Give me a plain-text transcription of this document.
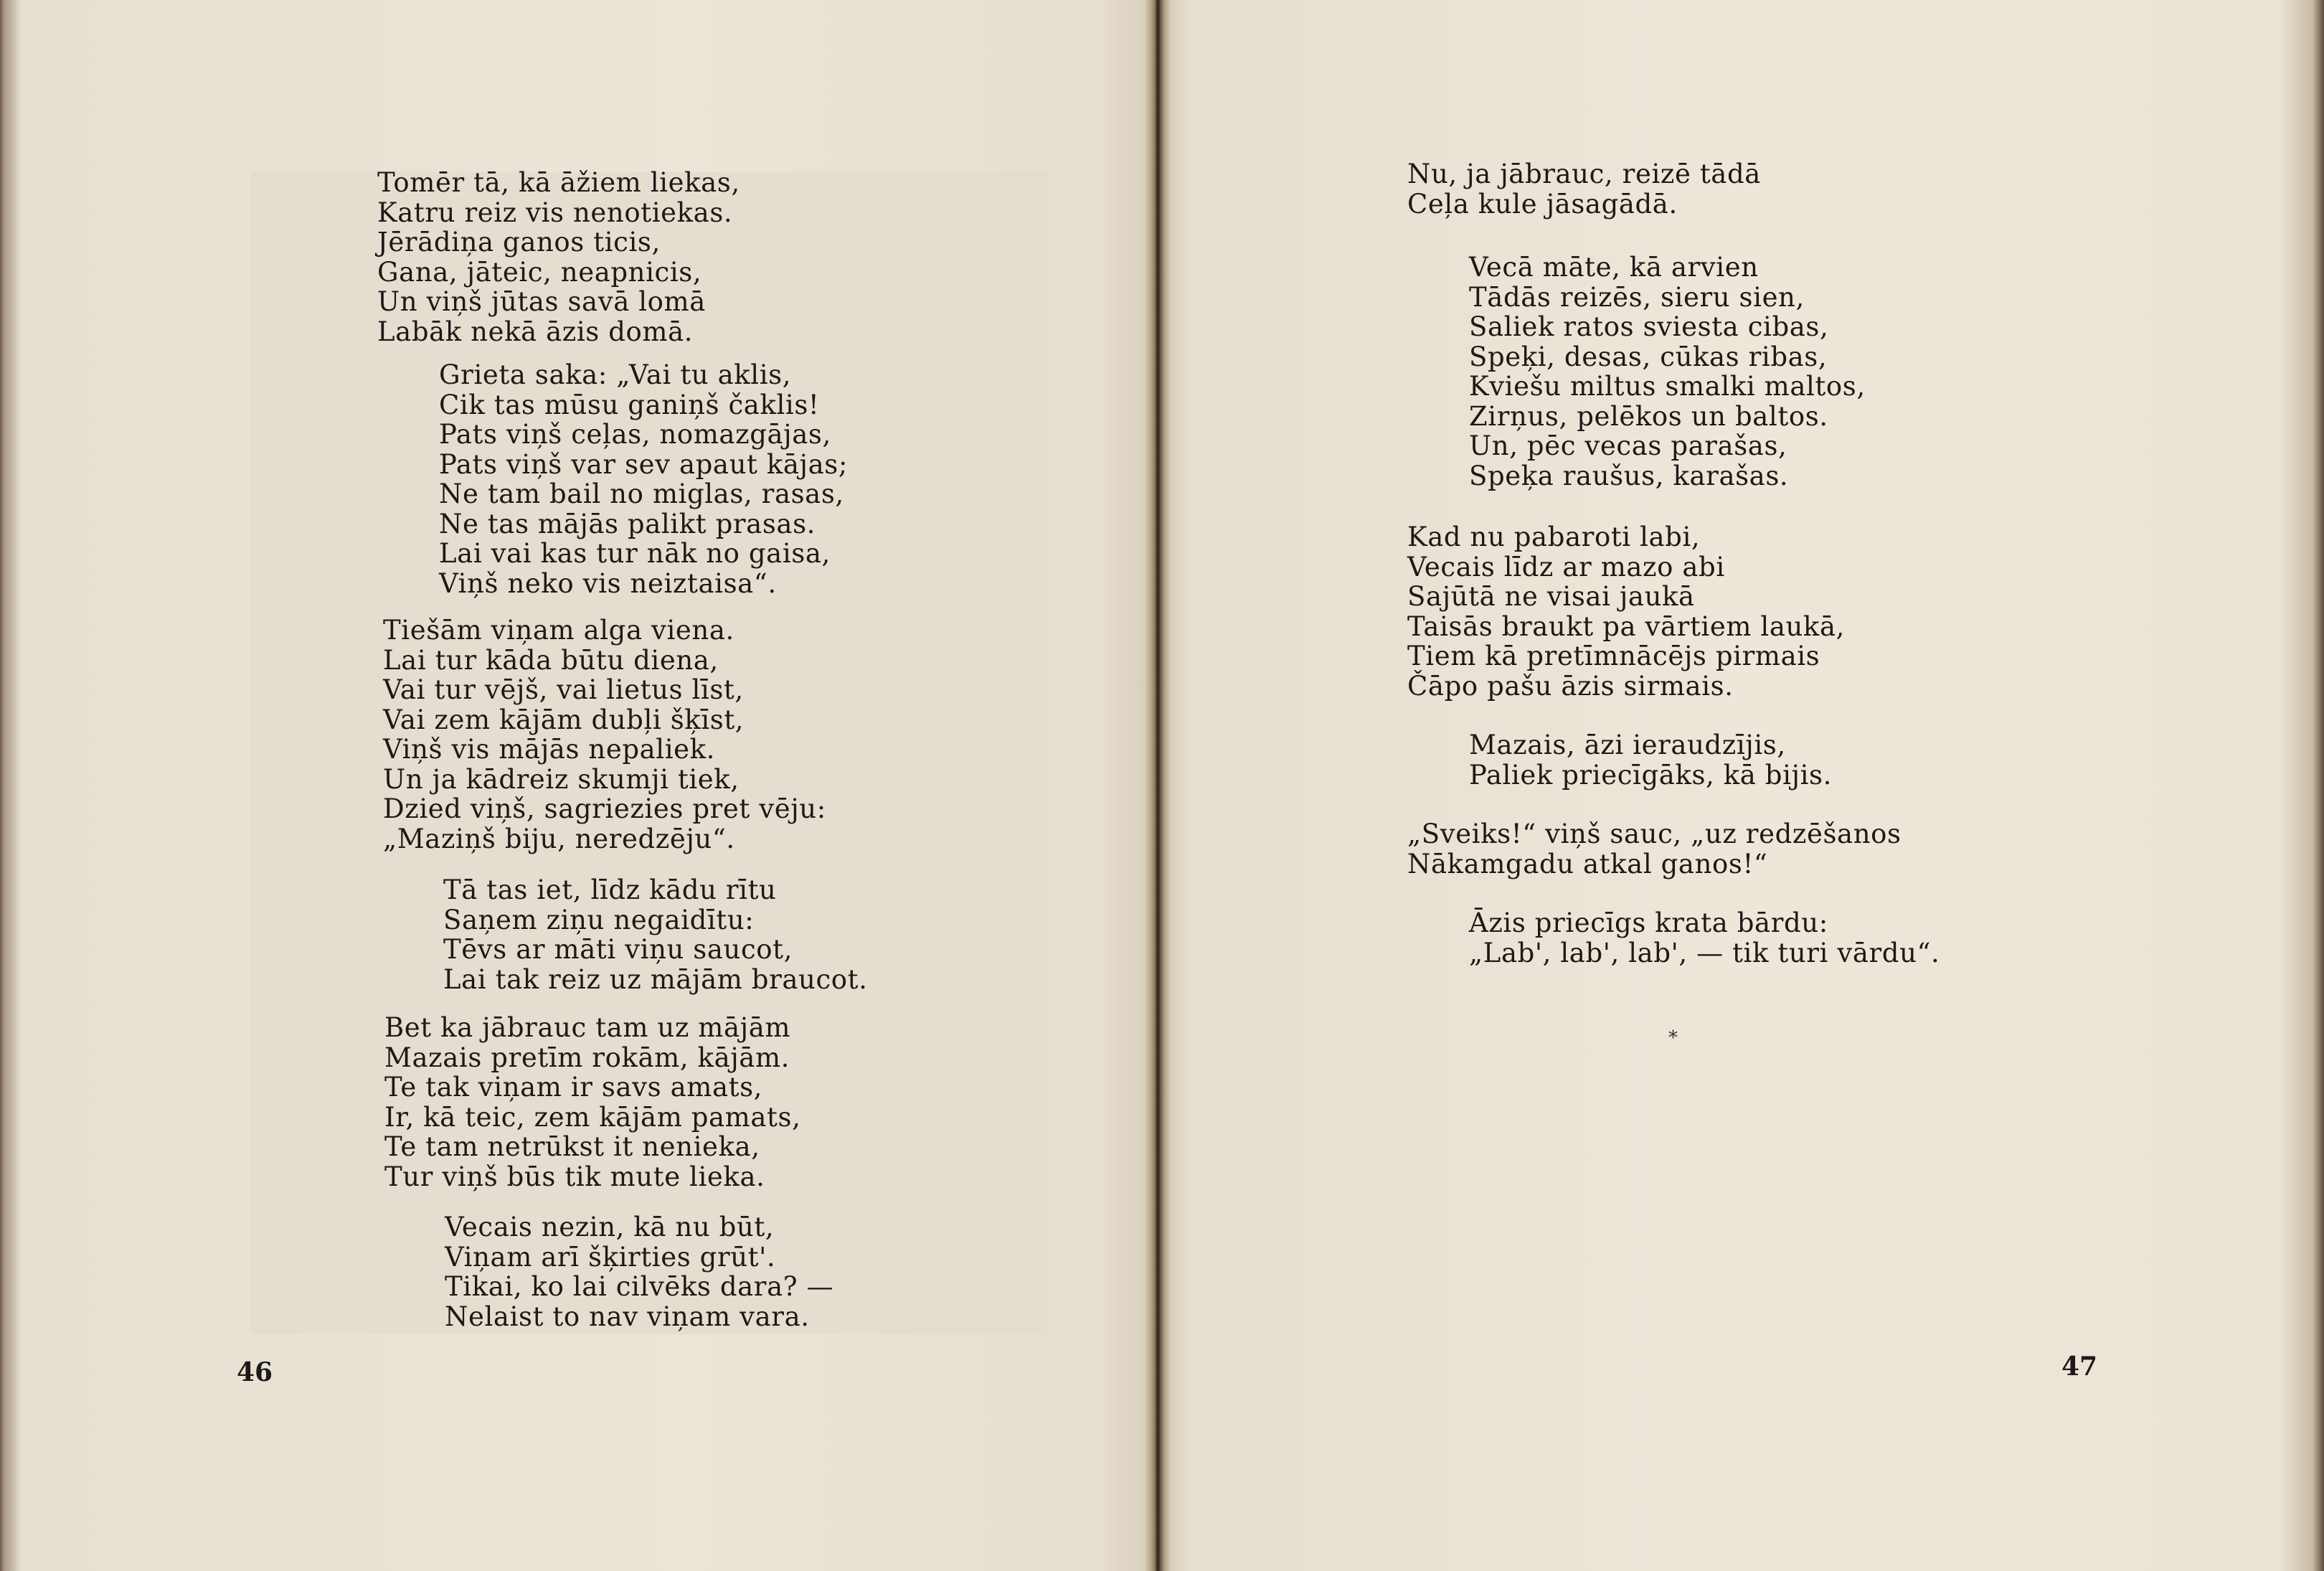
Tomēr tā, kā āžiem liekas,
Katru reiz vis nenotiekas.
Jērādiņa ganos ticis,
Gana, jāteic, neapnicis,
Un viņš jūtas savā lomā
Labāk nekā āzis domā.
Grieta saka: „Vai tu aklis,
Cik tas mūsu ganiņš čaklis!
Pats viņš ceļas, nomazgājas,
Pats viņš var sev apaut kājas;
Ne tam bail no miglas, rasas,
Ne tas mājās palikt prasas.
Lai vai kas tur nāk no gaisa,
Viņš neko vis neiztaisa“.
Tiešām viņam alga viena.
Lai tur kāda būtu diena,
Vai tur vējš, vai lietus līst,
Vai zem kājām dubļi šķīst,
Viņš vis mājās nepaliek.
Un ja kādreiz skumji tiek,
Dzied viņš, sagriezies pret vēju:
„Maziņš biju, neredzēju“.
Tā tas iet, līdz kādu rītu
Saņem ziņu negaidītu:
Tēvs ar māti viņu saucot,
Lai tak reiz uz mājām braucot.
Bet ka jābrauc tam uz mājām
Mazais pretīm rokām, kājām.
Te tak viņam ir savs amats,
Ir, kā teic, zem kājām pamats,
Te tam netrūkst it nenieka,
Tur viņš būs tik mute lieka.
Vecais nezin, kā nu būt,
Viņam arī šķirties grūt'.
Tikai, ko lai cilvēks dara? —
Nelaist to nav viņam vara.
46
Nu, ja jābrauc, reizē tādā
Ceļa kule jāsagādā.
Vecā māte, kā arvien
Tādās reizēs, sieru sien,
Saliek ratos sviesta cibas,
Speķi, desas, cūkas ribas,
Kviešu miltus smalki maltos,
Zirņus, pelēkos un baltos.
Un, pēc vecas parašas,
Speķa raušus, karašas.
Kad nu pabaroti labi,
Vecais līdz ar mazo abi
Sajūtā ne visai jaukā
Taisās braukt pa vārtiem laukā,
Tiem kā pretīmnācējs pirmais
Čāpo pašu āzis sirmais.
Mazais, āzi ieraudzījis,
Paliek priecīgāks, kā bijis.
„Sveiks!“ viņš sauc, „uz redzēšanos
Nākamgadu atkal ganos!“
Āzis priecīgs krata bārdu:
„Lab', lab', lab', — tik turi vārdu“.
*
47
